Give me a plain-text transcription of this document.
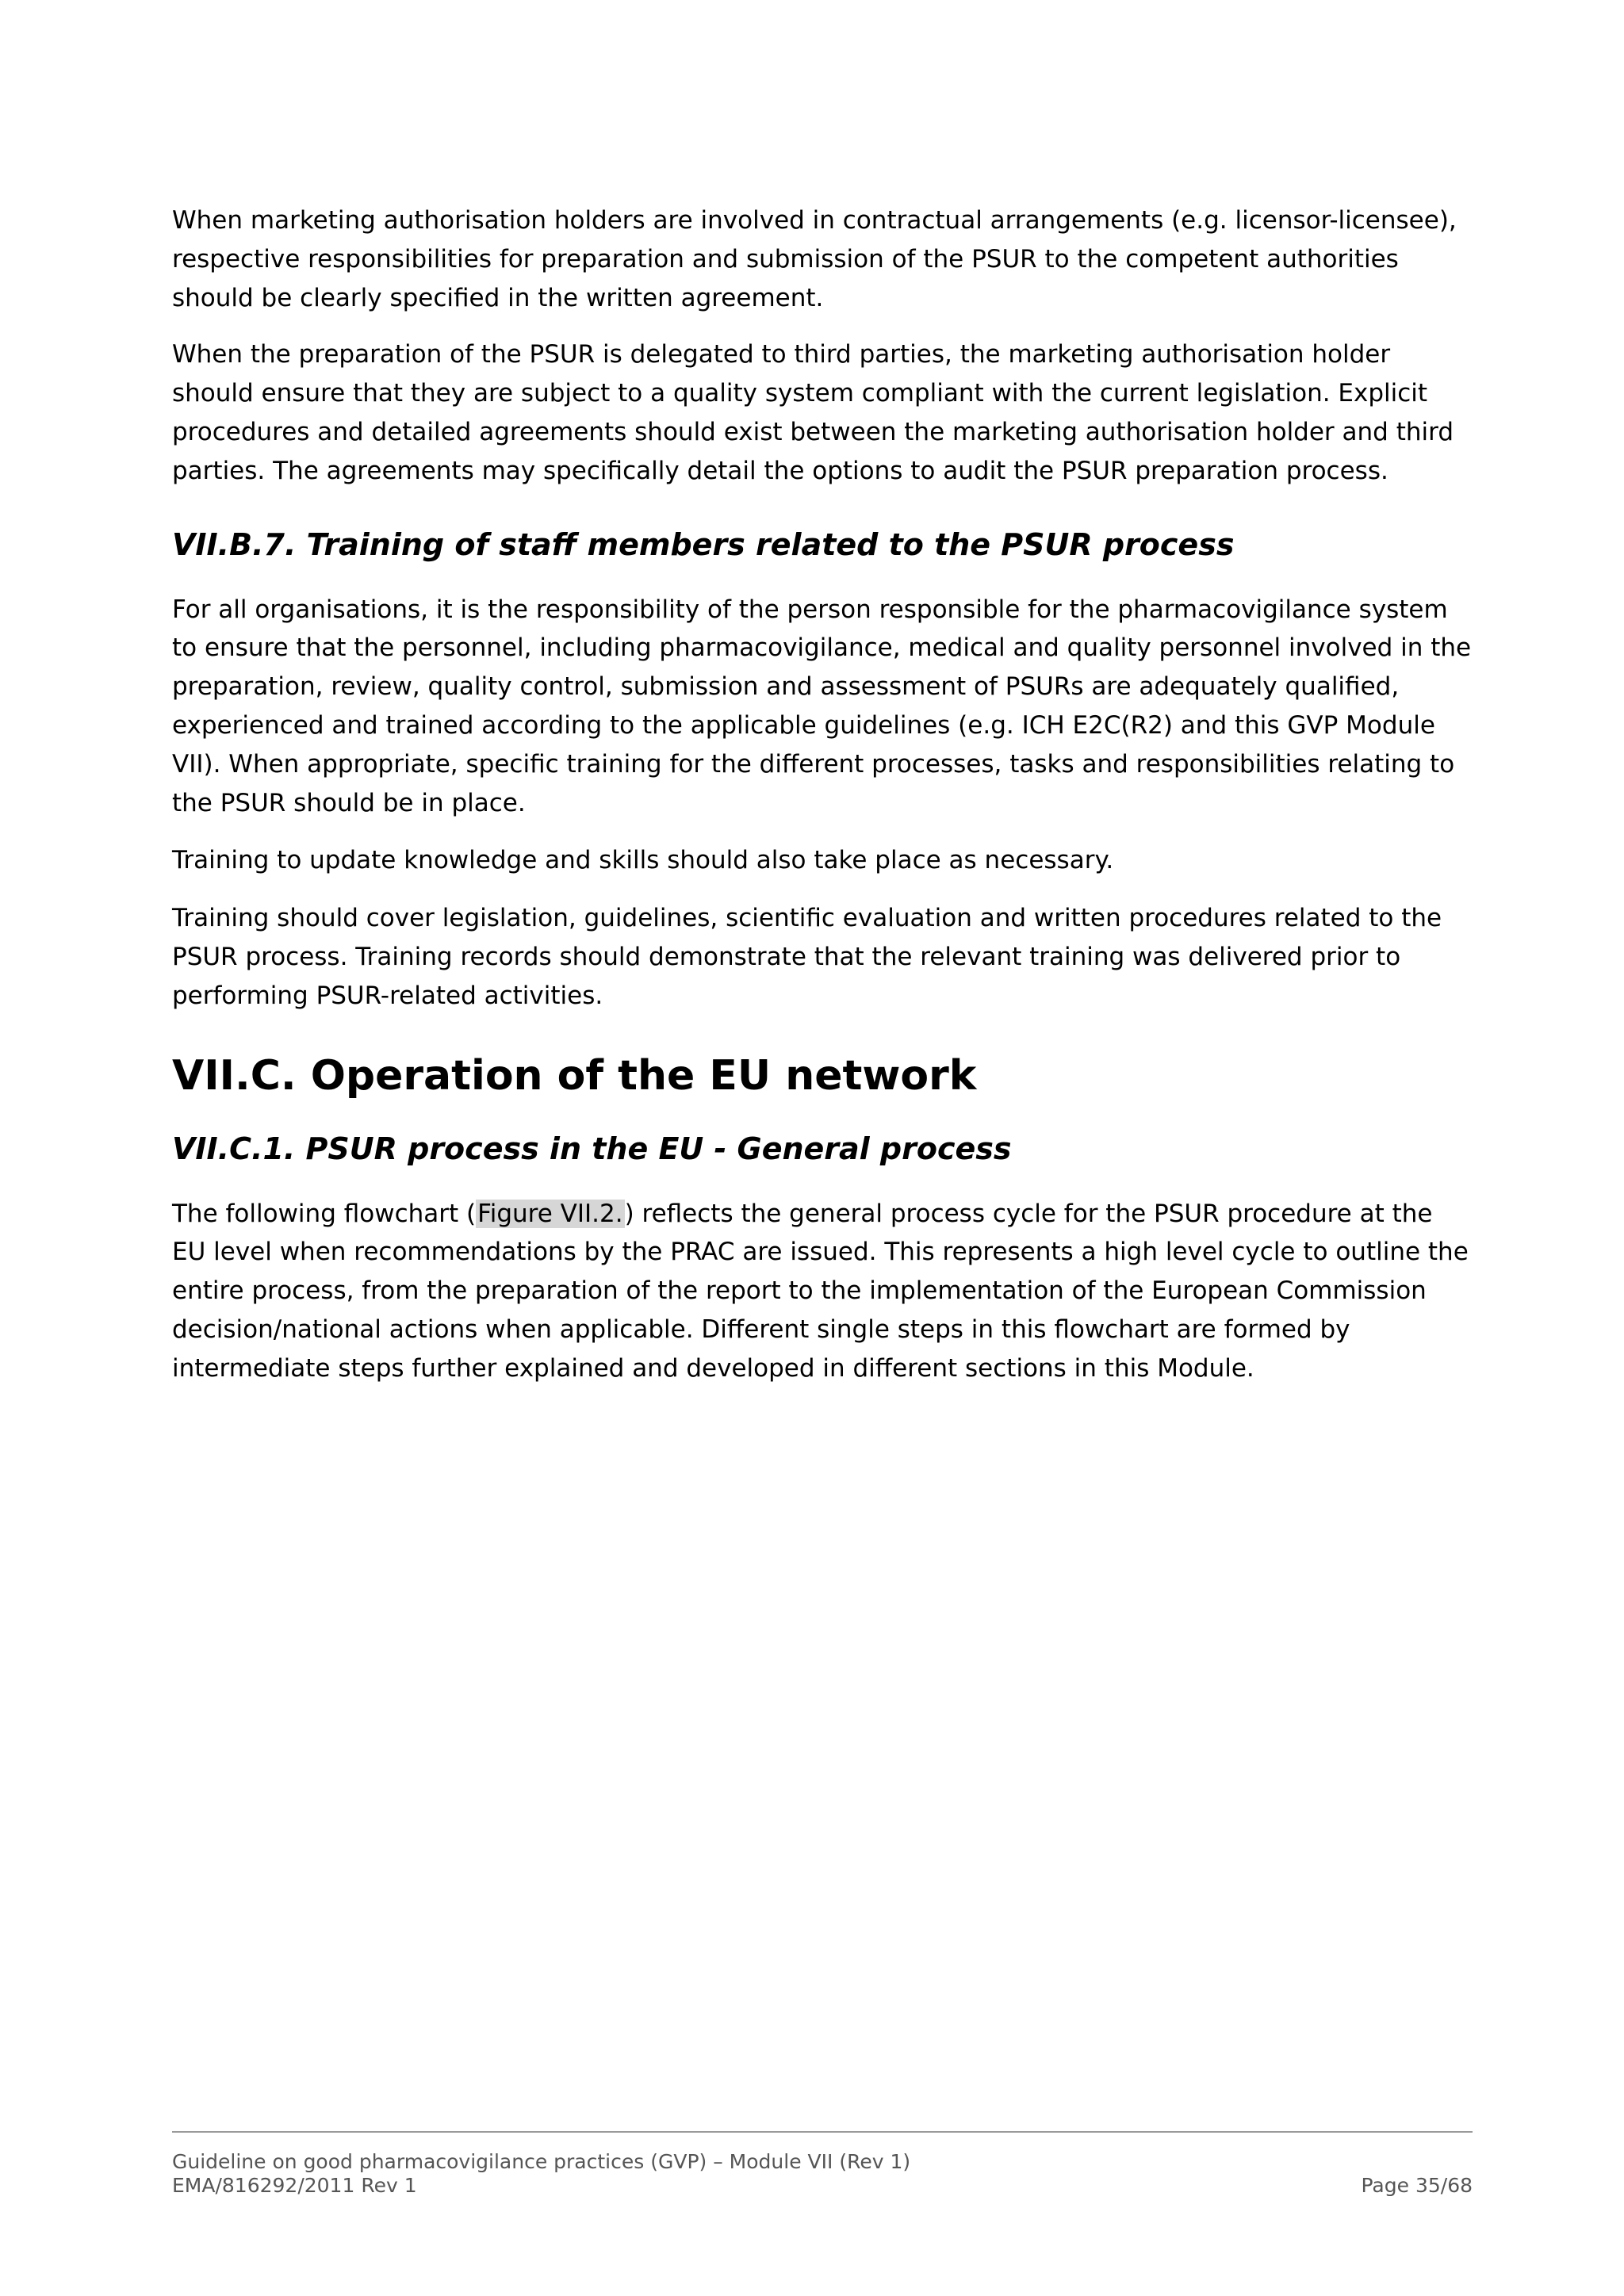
When marketing authorisation holders are involved in contractual arrangements (e.g. licensor-licensee), respective responsibilities for preparation and submission of the PSUR to the competent authorities should be clearly specified in the written agreement.

When the preparation of the PSUR is delegated to third parties, the marketing authorisation holder should ensure that they are subject to a quality system compliant with the current legislation. Explicit procedures and detailed agreements should exist between the marketing authorisation holder and third parties. The agreements may specifically detail the options to audit the PSUR preparation process.

VII.B.7. Training of staff members related to the PSUR process

For all organisations, it is the responsibility of the person responsible for the pharmacovigilance system to ensure that the personnel, including pharmacovigilance, medical and quality personnel involved in the preparation, review, quality control, submission and assessment of PSURs are adequately qualified, experienced and trained according to the applicable guidelines (e.g. ICH E2C(R2) and this GVP Module VII). When appropriate, specific training for the different processes, tasks and responsibilities relating to the PSUR should be in place.

Training to update knowledge and skills should also take place as necessary.

Training should cover legislation, guidelines, scientific evaluation and written procedures related to the PSUR process. Training records should demonstrate that the relevant training was delivered prior to performing PSUR-related activities.

VII.C. Operation of the EU network
VII.C.1. PSUR process in the EU - General process

The following flowchart (Figure VII.2.) reflects the general process cycle for the PSUR procedure at the EU level when recommendations by the PRAC are issued. This represents a high level cycle to outline the entire process, from the preparation of the report to the implementation of the European Commission decision/national actions when applicable. Different single steps in this flowchart are formed by intermediate steps further explained and developed in different sections in this Module.

Guideline on good pharmacovigilance practices (GVP) – Module VII (Rev 1)
EMA/816292/2011 Rev 1	Page 35/68
